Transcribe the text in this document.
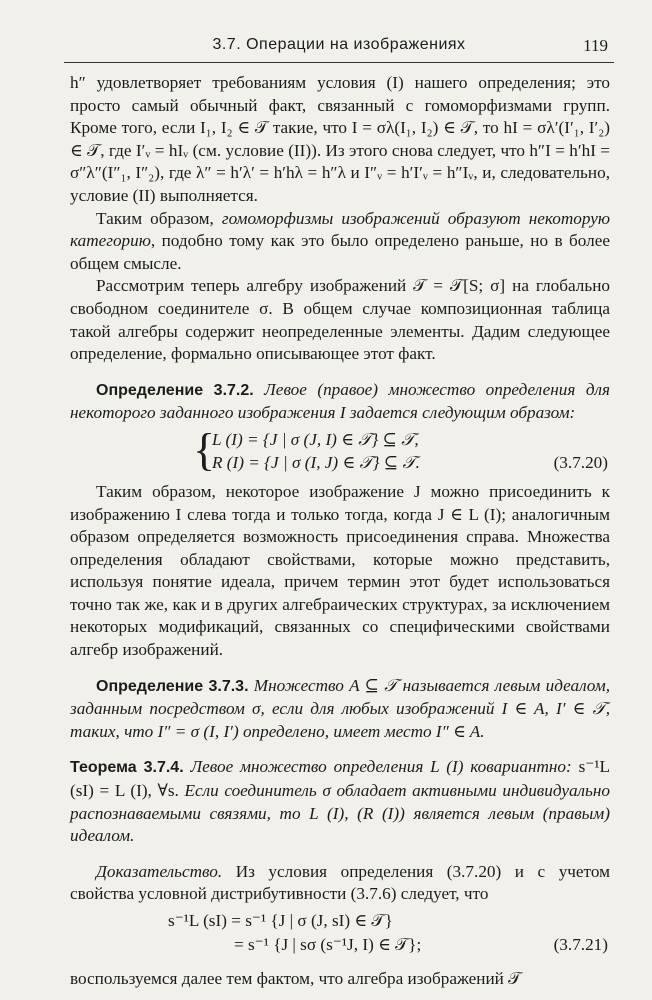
3.7. Операции на изображениях	119

h″ удовлетворяет требованиям условия (I) нашего определения; это просто самый обычный факт, связанный с гомоморфизмами групп. Кроме того, если I₁, I₂ ∈ 𝒯 такие, что I = σλ(I₁, I₂) ∈ 𝒯, то hI = σλ′(I′₁, I′₂) ∈ 𝒯, где I′ᵥ = hIᵥ (см. условие (II)). Из этого снова следует, что h″I = h′hI = σ″λ″(I″₁, I″₂), где λ″ = h′λ′ = h′hλ = h″λ и I″ᵥ = h′I′ᵥ = h″Iᵥ, и, следовательно, условие (II) выполняется.

Таким образом, гомоморфизмы изображений образуют некоторую категорию, подобно тому как это было определено раньше, но в более общем смысле.

Рассмотрим теперь алгебру изображений 𝒯 = 𝒯[S; σ] на глобально свободном соединителе σ. В общем случае композиционная таблица такой алгебры содержит неопределенные элементы. Дадим следующее определение, формально описывающее этот факт.

Определение 3.7.2. Левое (правое) множество определения для некоторого заданного изображения I задается следующим образом:

{
L (I) = {J | σ (J, I) ∈ 𝒯} ⊆ 𝒯,
R (I) = {J | σ (I, J) ∈ 𝒯} ⊆ 𝒯.	(3.7.20)

Таким образом, некоторое изображение J можно присоединить к изображению I слева тогда и только тогда, когда J ∈ L (I); аналогичным образом определяется возможность присоединения справа. Множества определения обладают свойствами, которые можно представить, используя понятие идеала, причем термин этот будет использоваться точно так же, как и в других алгебраических структурах, за исключением некоторых модификаций, связанных со специфическими свойствами алгебр изображений.

Определение 3.7.3. Множество A ⊆ 𝒯 называется левым идеалом, заданным посредством σ, если для любых изображений I ∈ A, I′ ∈ 𝒯, таких, что I″ = σ (I, I′) определено, имеет место I″ ∈ A.

Теорема 3.7.4. Левое множество определения L (I) ковариантно: s⁻¹L (sI) = L (I), ∀s. Если соединитель σ обладает активными индивидуально распознаваемыми связями, то L (I), (R (I)) является левым (правым) идеалом.

Доказательство. Из условия определения (3.7.20) и с учетом свойства условной дистрибутивности (3.7.6) следует, что

s⁻¹L (sI) = s⁻¹ {J | σ (J, sI) ∈ 𝒯}
= s⁻¹ {J | sσ (s⁻¹J, I) ∈ 𝒯};	(3.7.21)

воспользуемся далее тем фактом, что алгебра изображений 𝒯
